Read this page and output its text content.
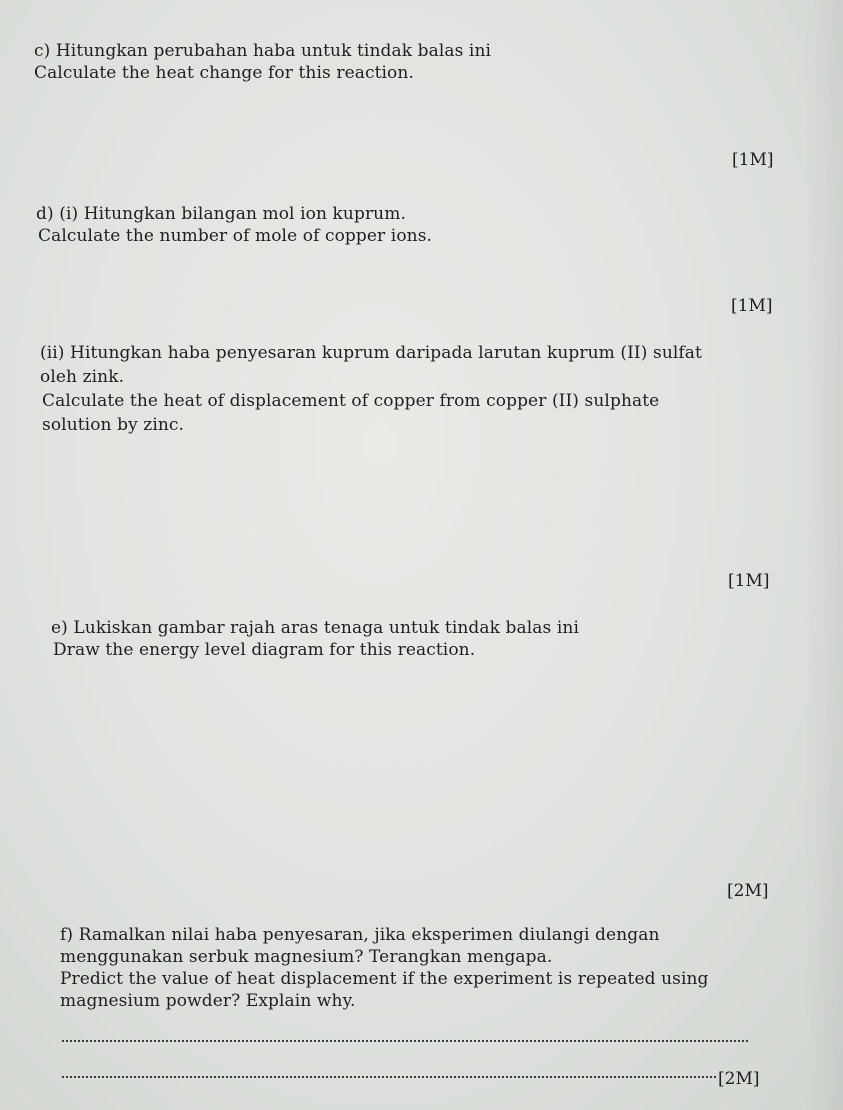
c) Hitungkan perubahan haba untuk tindak balas ini
Calculate the heat change for this reaction.
[1M]
d) (i) Hitungkan bilangan mol ion kuprum.
Calculate the number of mole of copper ions.
[1M]
(ii) Hitungkan haba penyesaran kuprum daripada larutan kuprum (II) sulfat
oleh zink.
Calculate the heat of displacement of copper from copper (II) sulphate
solution by zinc.
[1M]
e) Lukiskan gambar rajah aras tenaga untuk tindak balas ini
Draw the energy level diagram for this reaction.
[2M]
f) Ramalkan nilai haba penyesaran, jika eksperimen diulangi dengan
menggunakan serbuk magnesium? Terangkan mengapa.
Predict the value of heat displacement if the experiment is repeated using
magnesium powder? Explain why.
[2M]
